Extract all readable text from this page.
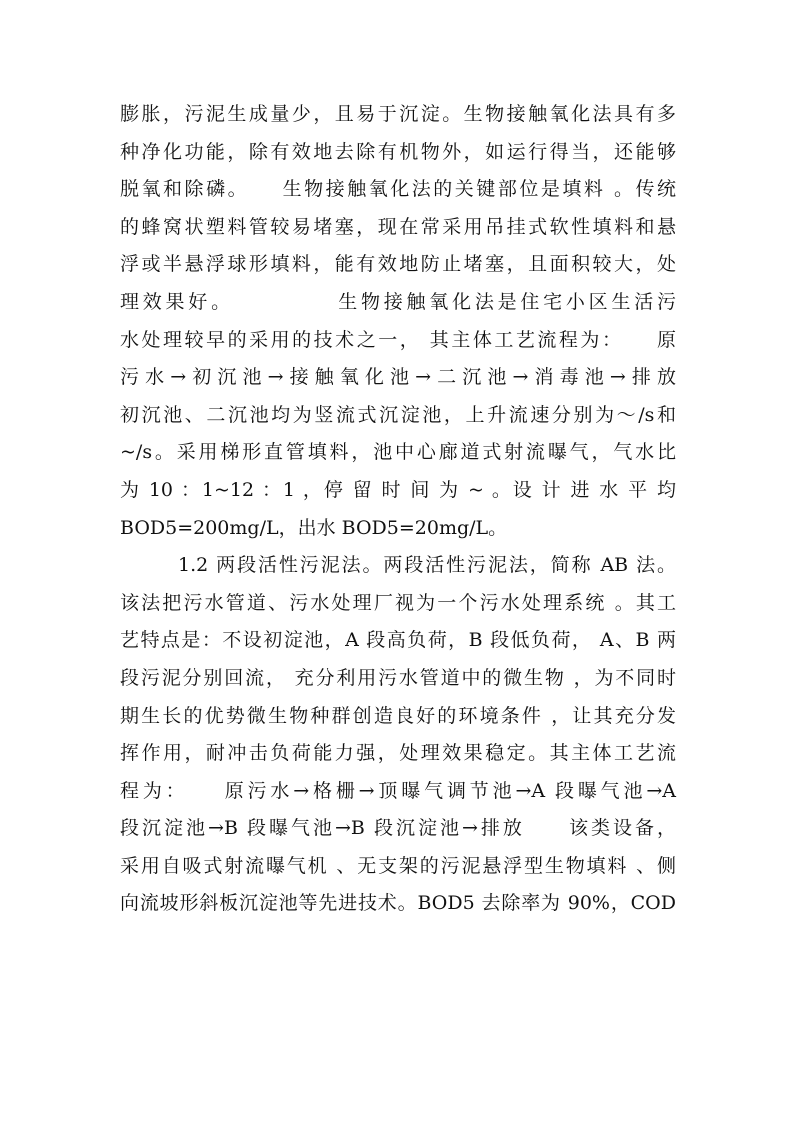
膨胀，污泥生成量少，且易于沉淀。生物接触氧化法具有多
种净化功能，除有效地去除有机物外，如运行得当，还能够
脱氧和除磷。　　生物接触氧化法的关键部位是填料 。传统
的蜂窝状塑料管较易堵塞，现在常采用吊挂式软性填料和悬
浮或半悬浮球形填料，能有效地防止堵塞，且面积较大，处
理效果好。　　　　　生物接触氧化法是住宅小区生活污
水处理较早的采用的技术之一， 其主体工艺流程为：　　原
污水→初沉池→接触氧化池→二沉池→消毒池→排放
初沉池、二沉池均为竖流式沉淀池，上升流速分别为～/s和
~/s。采用梯形直管填料，池中心廊道式射流曝气，气水比
为 10 ：1~12 ：1 ，停 留 时 间 为 ~ 。设 计 进 水 平 均
BOD5=200mg/L，出水 BOD5=20mg/L。
1.2 两段活性污泥法。两段活性污泥法，简称 AB 法。
该法把污水管道、污水处理厂视为一个污水处理系统 。其工
艺特点是：不设初淀池，A 段高负荷，B 段低负荷， A、B 两
段污泥分别回流， 充分利用污水管道中的微生物 ，为不同时
期生长的优势微生物种群创造良好的环境条件 ，让其充分发
挥作用，耐冲击负荷能力强，处理效果稳定。其主体工艺流
程为：　　原污水→格栅→顶曝气调节池→A 段曝气池→A
段沉淀池→B 段曝气池→B 段沉淀池→排放　　该类设备，
采用自吸式射流曝气机 、无支架的污泥悬浮型生物填料 、侧
向流坡形斜板沉淀池等先进技术。BOD5 去除率为 90%，COD
